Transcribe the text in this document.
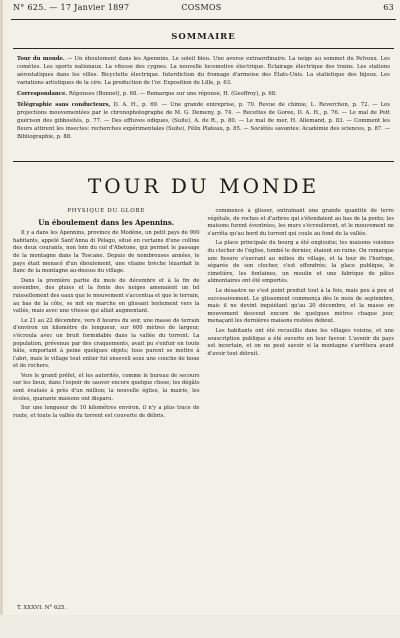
N° 625. — 17 Janvier 1897	COSMOS	63
SOMMAIRE

Tour du monde. — Un éboulement dans les Apennins. Le soleil bleu. Une averse extraordinaire. La neige au sommet du Pelvoux. Les comètes. Les sports nationaux. La vitesse des cygnes. La nouvelle locomotive électrique. Éclairage électrique des trains. Les stations aérostatiques dans les villes. Bicyclette électrique. Interdiction du fromage d'armoise des États-Unis. La statistique des bijoux. Les variations artistiques de la cire. La production de l'or. Exposition de Lille, p. 63.

Correspondance. Réponses (Bonnet), p. 68. — Remarque sur une réponse, H. (Geoffroy), p. 68.

Télégraphie sans conducteurs, D. A. H., p. 69. — Une grande entreprise, p. 70. Revue de chimie, L. Reverchon, p. 72. — Les projections mouvementées par le chronophotographe de M. G. Demeny, p. 74. — Recettes de Goree, D. A. H., p. 76. — Le mal de Pott guérison des gibbosités, p. 77. — Des effluves odiques, (Suite), A. de R., p. 80. — Le mal de mer, H. Allemand, p. 83. — Comment les fleurs attirent les insectes: recherches expérimentales (Suite), Félix Plateau, p. 85. — Sociétés savantes: Académie des sciences, p. 87. — Bibliographie, p. 88.

TOUR DU MONDE
PHYSIQUE DU GLOBE
Un éboulement dans les Apennins.

Il y a dans les Apennins, province de Modène, un petit pays de 900 habitants, appelé Sant'Anna di Pelago, situé en certains d'une colline des deux courants, non loin du col d'Abetone, qui permet le passage de la montagne dans la Toscane. Depuis de nombreuses années, le pays était menacé d'un éboulement, une vilaine brèche lézardait le flanc de la montagne au-dessus du village.

Dans la première partie du mois de décembre et à la fin de novembre, des pluies et la fonte des neiges amenaient un tel ruissellement des eaux que le mouvement s'accentua et que le terrain, au bas de la côte, se mit en marche en glissant lentement vers la vallée, mais avec une vitesse qui allait augmentant.

Le 21 au 22 décembre, vers 8 heures du soir, une masse de terrain d'environ un kilomètre de longueur, sur 600 mètres de largeur, s'écroula avec un bruit formidable dans la vallée du torrent. La population, prévenue par des craquements, avait pu s'enfuir en toute hâte, emportant à peine quelques objets; tous purent se mettre à l'abri, mais le village tout entier fut enseveli sous une couche de boue et de rochers.

Vers le grand préfet, et les autorités, comme le bureau de secours sur les lieux, dans l'espoir de sauver encore quelque chose; les dégâts sont évalués à près d'un million; la nouvelle église, la mairie, les écoles, quarante maisons ont disparu.

Sur une longueur de 10 kilomètres environ, il n'y a plus trace de route, et toute la vallée du torrent est couverte de débris.

commencé à glisser, entraînant une grande quantité de terre végétale, de roches et d'arbres qui s'étendaient au bas de la pente; les maisons furent éventrées, les murs s'écroulèrent, et le mouvement ne s'arrêta qu'au bord du torrent qui coule au fond de la vallée.

La place principale du bourg a été engloutie; les maisons voisines du clocher de l'église, tombé le dernier, étaient en ruine. On remarque une fissure s'ouvrant au milieu du village, et la tour de l'horloge, séparée de son clocher, s'est effondrée; la place publique, le cimetière, les fontaines, un moulin et une fabrique de pâtes alimentaires ont été emportés.

Le désastre ne s'est point produit tout à la fois, mais peu à peu et successivement. Le glissement commença dès le mois de septembre, mais il ne devint inquiétant qu'au 20 décembre, et la masse en mouvement descend encore de quelques mètres chaque jour, menaçant les dernières maisons restées debout.

Les habitants ont été recueillis dans les villages voisins, et une souscription publique a été ouverte en leur faveur. L'avenir du pays est incertain, et on ne peut savoir si la montagne s'arrêtera avant d'avoir tout détruit.

T. XXXVI. N° 625.
